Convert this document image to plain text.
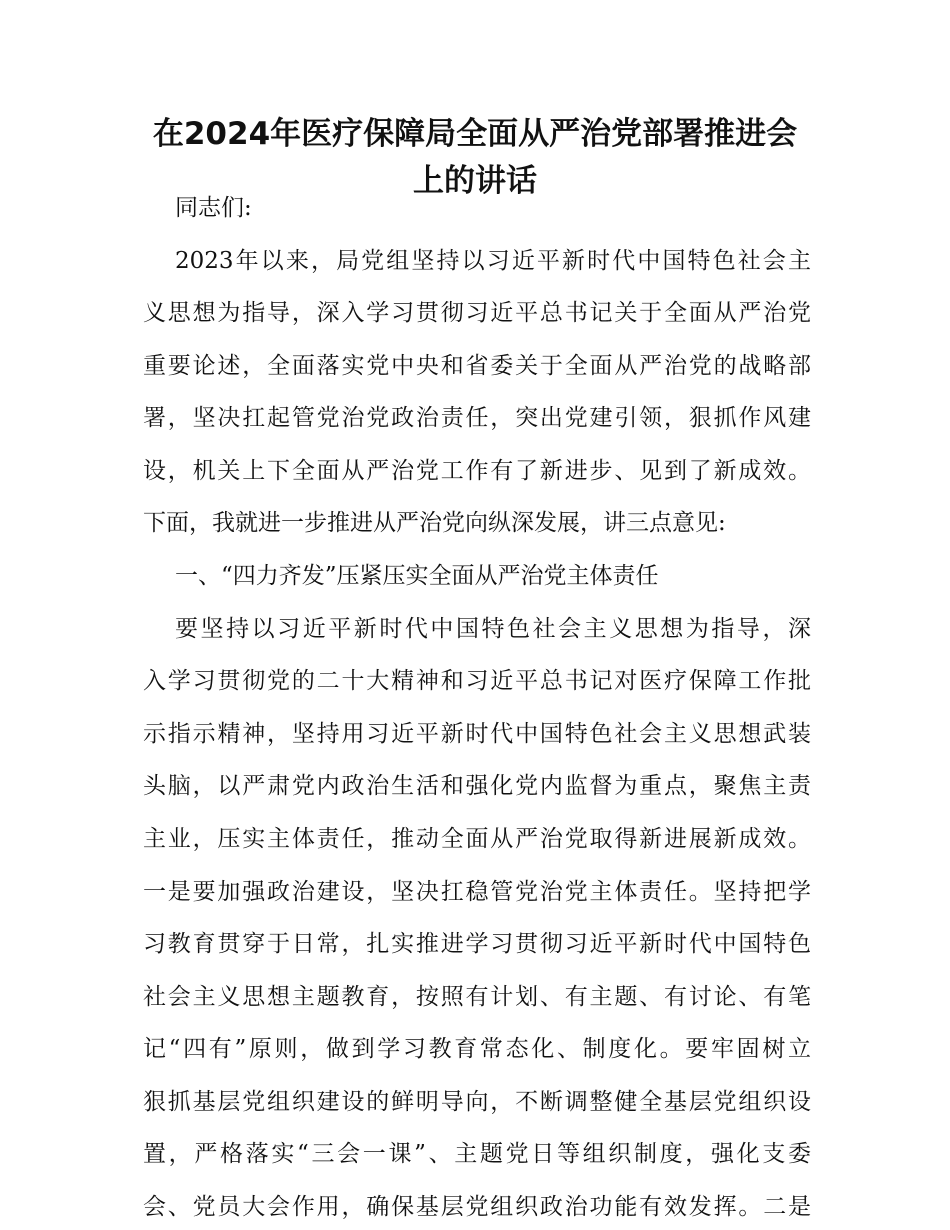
在2024年医疗保障局全面从严治党部署推进会
上的讲话

同志们:

2023年以来，局党组坚持以习近平新时代中国特色社会主

义思想为指导，深入学习贯彻习近平总书记关于全面从严治党

重要论述，全面落实党中央和省委关于全面从严治党的战略部

署，坚决扛起管党治党政治责任，突出党建引领，狠抓作风建

设，机关上下全面从严治党工作有了新进步、见到了新成效。

下面，我就进一步推进从严治党向纵深发展，讲三点意见:

一、“四力齐发”压紧压实全面从严治党主体责任

要坚持以习近平新时代中国特色社会主义思想为指导，深

入学习贯彻党的二十大精神和习近平总书记对医疗保障工作批

示指示精神，坚持用习近平新时代中国特色社会主义思想武装

头脑，以严肃党内政治生活和强化党内监督为重点，聚焦主责

主业，压实主体责任，推动全面从严治党取得新进展新成效。

一是要加强政治建设，坚决扛稳管党治党主体责任。坚持把学

习教育贯穿于日常，扎实推进学习贯彻习近平新时代中国特色

社会主义思想主题教育，按照有计划、有主题、有讨论、有笔

记“四有”原则，做到学习教育常态化、制度化。要牢固树立

狠抓基层党组织建设的鲜明导向，不断调整健全基层党组织设

置，严格落实“三会一课”、主题党日等组织制度，强化支委

会、党员大会作用，确保基层党组织政治功能有效发挥。二是
